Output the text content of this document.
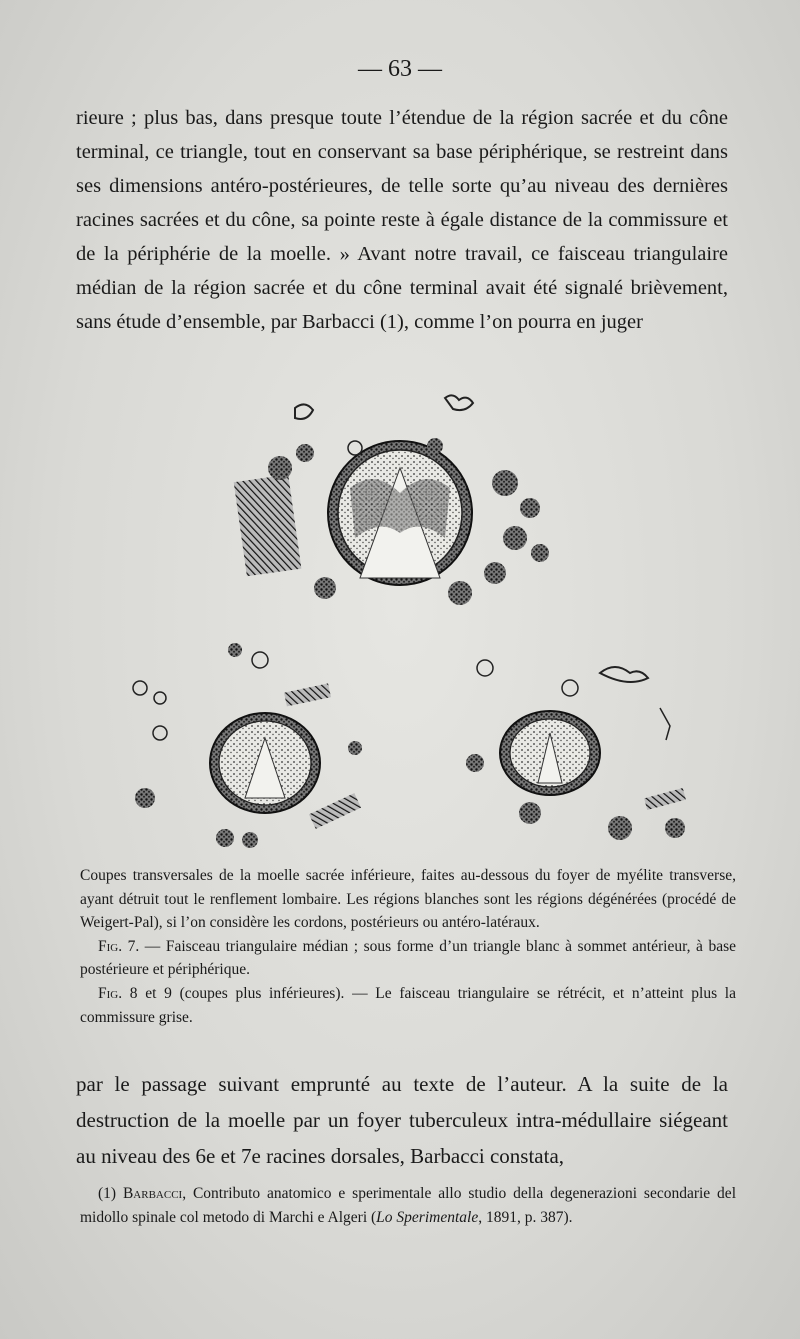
— 63 —

rieure ; plus bas, dans presque toute l’étendue de la région sacrée et du cône terminal, ce triangle, tout en conservant sa base périphérique, se restreint dans ses dimensions antéro-postérieures, de telle sorte qu’au niveau des dernières racines sacrées et du cône, sa pointe reste à égale distance de la commissure et de la périphérie de la moelle. » Avant notre travail, ce faisceau triangulaire médian de la région sacrée et du cône terminal avait été signalé brièvement, sans étude d’ensemble, par Barbacci (1), comme l’on pourra en juger

Coupes transversales de la moelle sacrée inférieure, faites au-dessous du foyer de myélite transverse, ayant détruit tout le renflement lombaire. Les régions blanches sont les régions dégénérées (procédé de Weigert-Pal), si l’on considère les cordons, postérieurs ou antéro-latéraux.

Fig. 7. — Faisceau triangulaire médian ; sous forme d’un triangle blanc à sommet antérieur, à base postérieure et périphérique.

Fig. 8 et 9 (coupes plus inférieures). — Le faisceau triangulaire se rétrécit, et n’atteint plus la commissure grise.

par le passage suivant emprunté au texte de l’auteur. A la suite de la destruction de la moelle par un foyer tuberculeux intra-médullaire siégeant au niveau des 6e et 7e racines dorsales, Barbacci constata,

(1) Barbacci, Contributo anatomico e sperimentale allo studio della degenerazioni secondarie del midollo spinale col metodo di Marchi e Algeri (Lo Sperimentale, 1891, p. 387).
